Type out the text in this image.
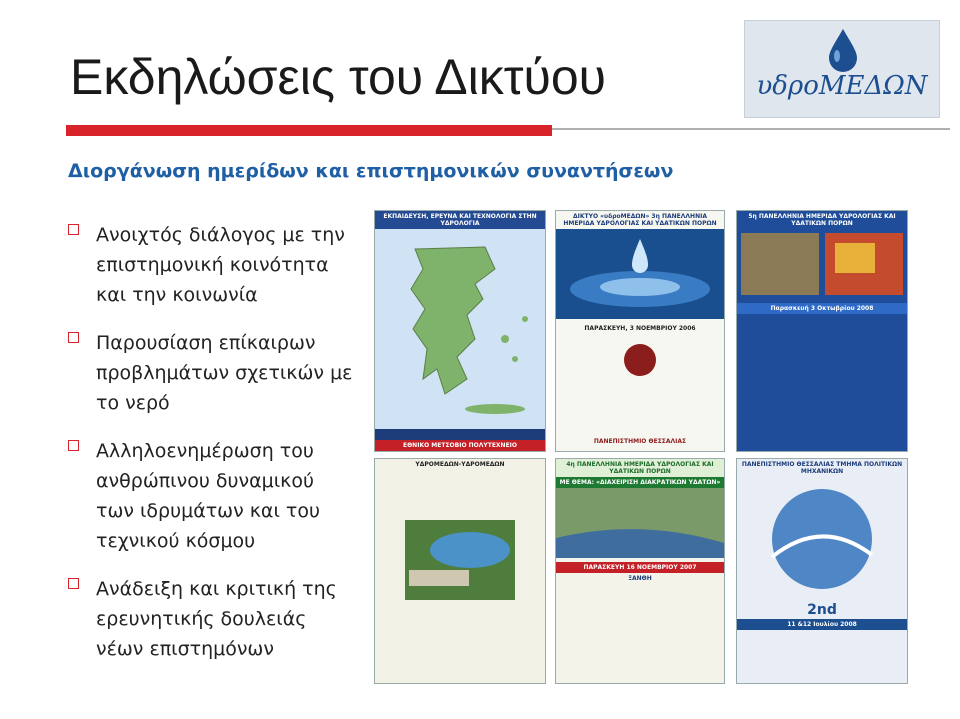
Εκδηλώσεις του Δικτύου	υδροΜΕΔΩΝ
Διοργάνωση ημερίδων και επιστημονικών συναντήσεων
Ανοιχτός διάλογος με την
επιστημονική κοινότητα
και την κοινωνία
Παρουσίαση επίκαιρων
προβλημάτων σχετικών με
το νερό
Αλληλοενημέρωση του
ανθρώπινου δυναμικού
των ιδρυμάτων και του
τεχνικού κόσμου
Ανάδειξη και κριτική της
ερευνητικής δουλειάς
νέων επιστημόνων
ΕΚΠΑΙΔΕΥΣΗ, ΕΡΕΥΝΑ ΚΑΙ ΤΕΧΝΟΛΟΓΙΑ ΣΤΗΝ ΥΔΡΟΛΟΓΙΑ
ΕΘΝΙΚΟ ΜΕΤΣΟΒΙΟ ΠΟΛΥΤΕΧΝΕΙΟ
ΔΙΚΤΥΟ «υδροΜΕΔΩΝ» 3η ΠΑΝΕΛΛΗΝΙΑ ΗΜΕΡΙΔΑ ΥΔΡΟΛΟΓΙΑΣ ΚΑΙ ΥΔΑΤΙΚΩΝ ΠΟΡΩΝ
ΠΑΡΑΣΚΕΥΗ, 3 ΝΟΕΜΒΡΙΟΥ 2006
ΠΑΝΕΠΙΣΤΗΜΙΟ ΘΕΣΣΑΛΙΑΣ
5η ΠΑΝΕΛΛΗΝΙΑ ΗΜΕΡΙΔΑ ΥΔΡΟΛΟΓΙΑΣ ΚΑΙ ΥΔΑΤΙΚΩΝ ΠΟΡΩΝ
Παρασκευή 3 Οκτωβρίου 2008
ΥΔΡΟΜΕΔΩΝ-ΥΔΡΟΜΕΔΩΝ	4η ΠΑΝΕΛΛΗΝΙΑ ΗΜΕΡΙΔΑ ΥΔΡΟΛΟΓΙΑΣ ΚΑΙ ΥΔΑΤΙΚΩΝ ΠΟΡΩΝ
ΜΕ ΘΕΜΑ: «ΔΙΑΧΕΙΡΙΣΗ ΔΙΑΚΡΑΤΙΚΩΝ ΥΔΑΤΩΝ»
ΠΑΡΑΣΚΕΥΗ 16 ΝΟΕΜΒΡΙΟΥ 2007
ΞΑΝΘΗ
ΠΑΝΕΠΙΣΤΗΜΙΟ ΘΕΣΣΑΛΙΑΣ ΤΜΗΜΑ ΠΟΛΙΤΙΚΩΝ ΜΗΧΑΝΙΚΩΝ
2nd
11 &12 Ιουλίου 2008
